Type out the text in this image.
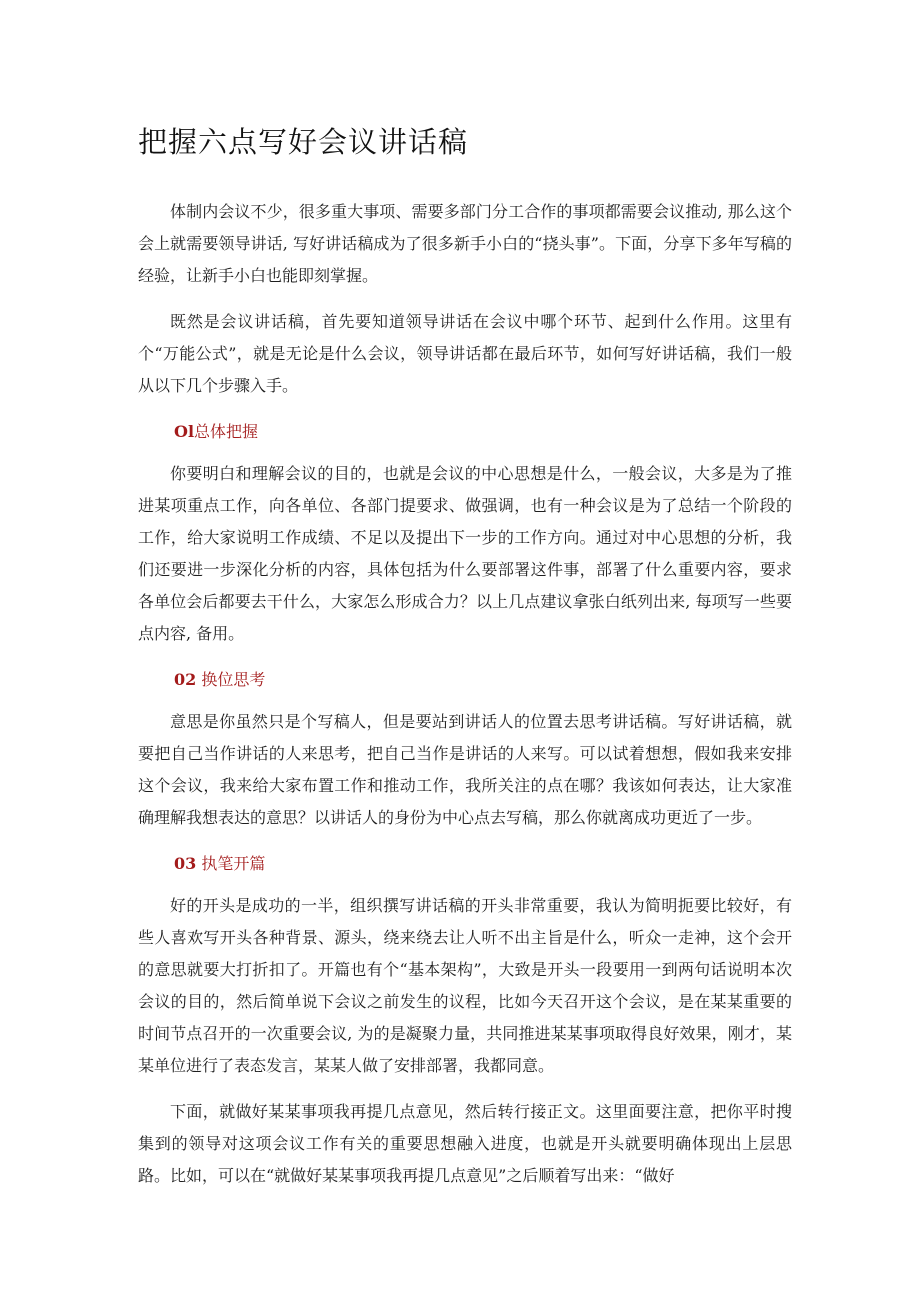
把握六点写好会议讲话稿

体制内会议不少，很多重大事项、需要多部门分工合作的事项都需要会议推动, 那么这个会上就需要领导讲话, 写好讲话稿成为了很多新手小白的“挠头事”。下面，分享下多年写稿的经验，让新手小白也能即刻掌握。

既然是会议讲话稿，首先要知道领导讲话在会议中哪个环节、起到什么作用。这里有个“万能公式”，就是无论是什么会议，领导讲话都在最后环节，如何写好讲话稿，我们一般从以下几个步骤入手。

Ol总体把握

你要明白和理解会议的目的，也就是会议的中心思想是什么，一般会议，大多是为了推进某项重点工作，向各单位、各部门提要求、做强调，也有一种会议是为了总结一个阶段的工作，给大家说明工作成绩、不足以及提出下一步的工作方向。通过对中心思想的分析，我们还要进一步深化分析的内容，具体包括为什么要部署这件事，部署了什么重要内容，要求各单位会后都要去干什么，大家怎么形成合力？以上几点建议拿张白纸列出来, 每项写一些要点内容, 备用。

02 换位思考

意思是你虽然只是个写稿人，但是要站到讲话人的位置去思考讲话稿。写好讲话稿，就要把自己当作讲话的人来思考，把自己当作是讲话的人来写。可以试着想想，假如我来安排这个会议，我来给大家布置工作和推动工作，我所关注的点在哪？我该如何表达，让大家准确理解我想表达的意思？以讲话人的身份为中心点去写稿，那么你就离成功更近了一步。

03 执笔开篇

好的开头是成功的一半，组织撰写讲话稿的开头非常重要，我认为简明扼要比较好，有些人喜欢写开头各种背景、源头，绕来绕去让人听不出主旨是什么，听众一走神，这个会开的意思就要大打折扣了。开篇也有个“基本架构”，大致是开头一段要用一到两句话说明本次会议的目的，然后简单说下会议之前发生的议程，比如今天召开这个会议，是在某某重要的时间节点召开的一次重要会议, 为的是凝聚力量，共同推进某某事项取得良好效果，刚才，某某单位进行了表态发言，某某人做了安排部署，我都同意。

下面，就做好某某事项我再提几点意见，然后转行接正文。这里面要注意，把你平时搜集到的领导对这项会议工作有关的重要思想融入进度，也就是开头就要明确体现出上层思路。比如，可以在“就做好某某事项我再提几点意见”之后顺着写出来：“做好
